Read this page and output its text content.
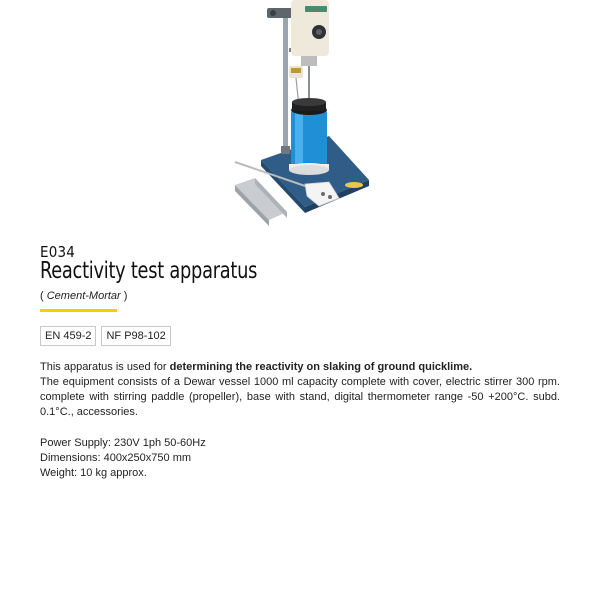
E034
Reactivity test apparatus
( Cement-Mortar )
EN 459-2	NF P98-102

This apparatus is used for determining the reactivity on slaking of ground quicklime.

The equipment consists of a Dewar vessel 1000 ml capacity complete with cover, electric stirrer 300 rpm. complete with stirring paddle (propeller), base with stand, digital thermometer range -50 +200°C. subd. 0.1°C., accessories.

Power Supply: 230V 1ph 50-60Hz
Dimensions: 400x250x750 mm
Weight: 10 kg approx.
